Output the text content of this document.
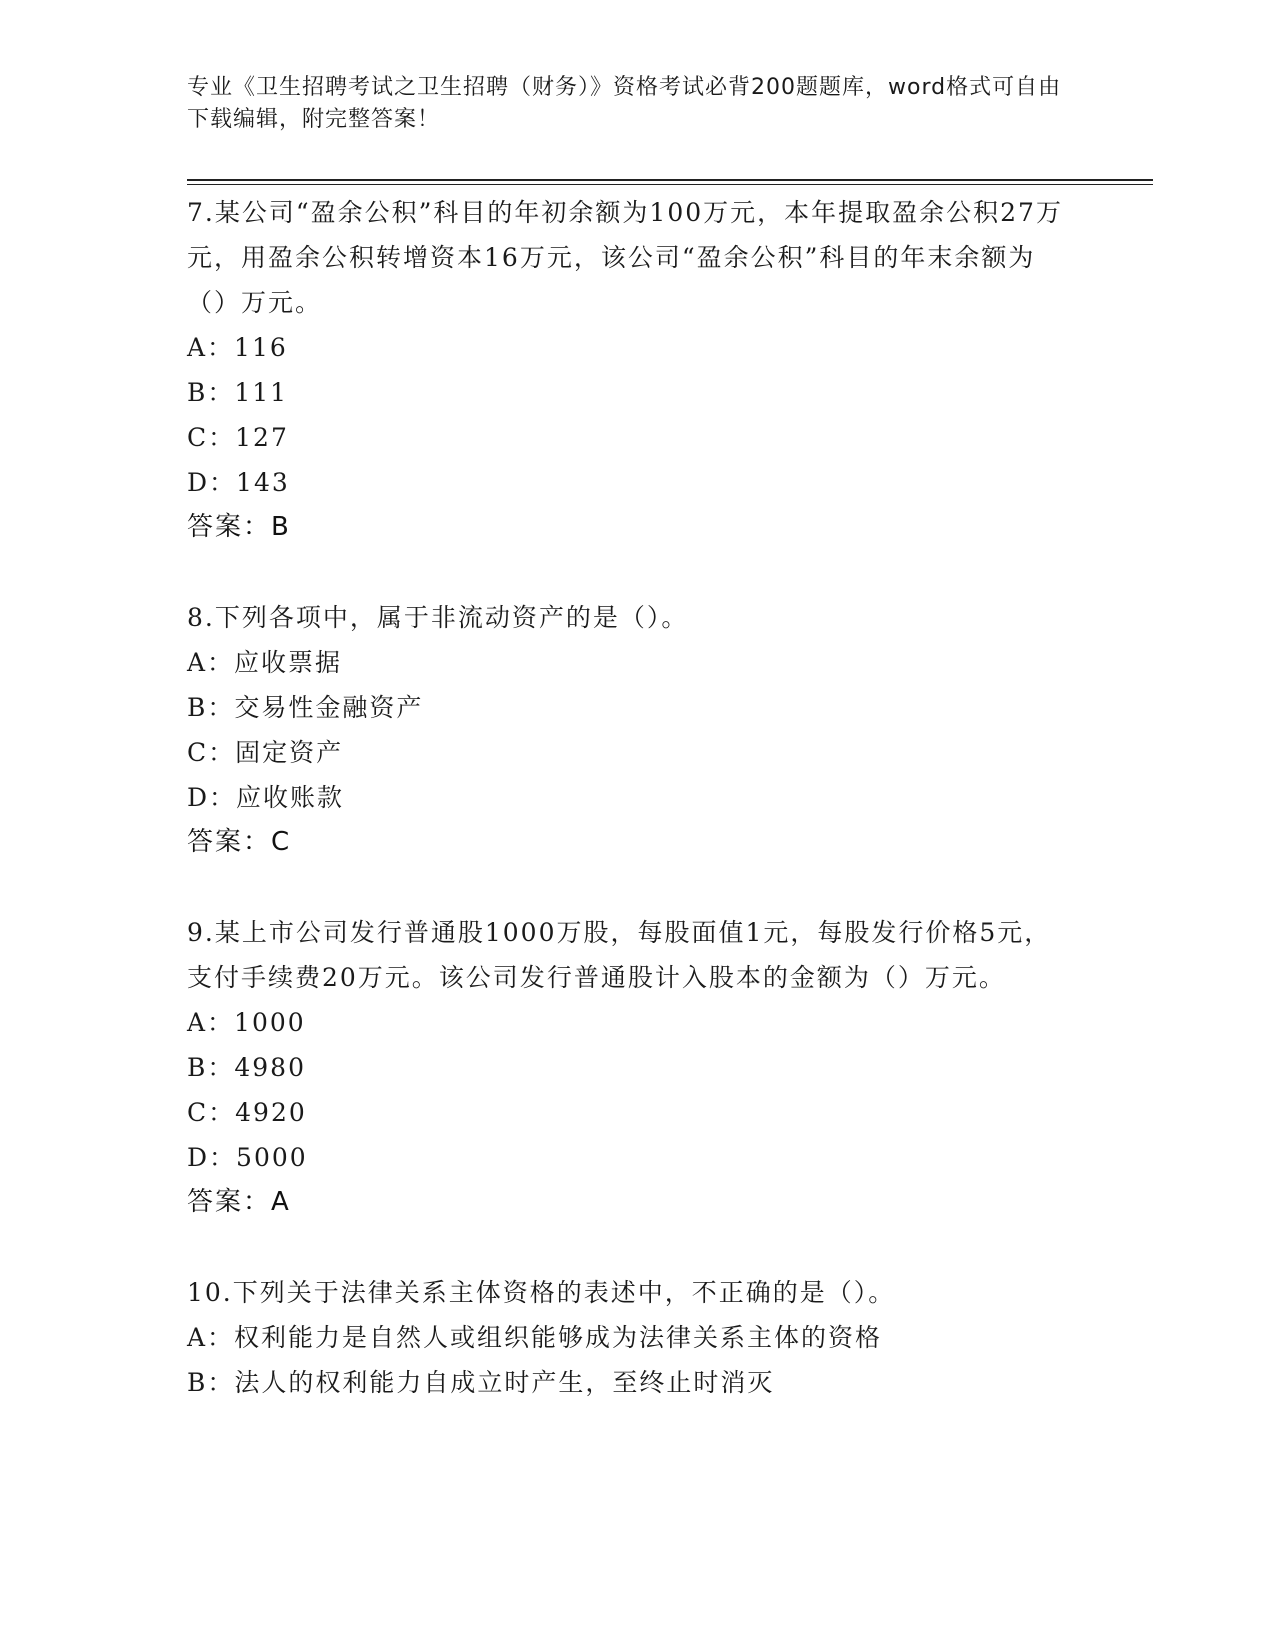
专业《卫生招聘考试之卫生招聘（财务）》资格考试必背200题题库，word格式可自由下载编辑，附完整答案！

7.某公司“盈余公积”科目的年初余额为100万元，本年提取盈余公积27万元，用盈余公积转增资本16万元，该公司“盈余公积”科目的年末余额为（）万元。

A：116

B：111

C：127

D：143

答案：B

8.下列各项中，属于非流动资产的是（）。

A：应收票据

B：交易性金融资产

C：固定资产

D：应收账款

答案：C

9.某上市公司发行普通股1000万股，每股面值1元，每股发行价格5元，支付手续费20万元。该公司发行普通股计入股本的金额为（）万元。

A：1000

B：4980

C：4920

D：5000

答案：A

10.下列关于法律关系主体资格的表述中，不正确的是（）。

A：权利能力是自然人或组织能够成为法律关系主体的资格

B：法人的权利能力自成立时产生，至终止时消灭
